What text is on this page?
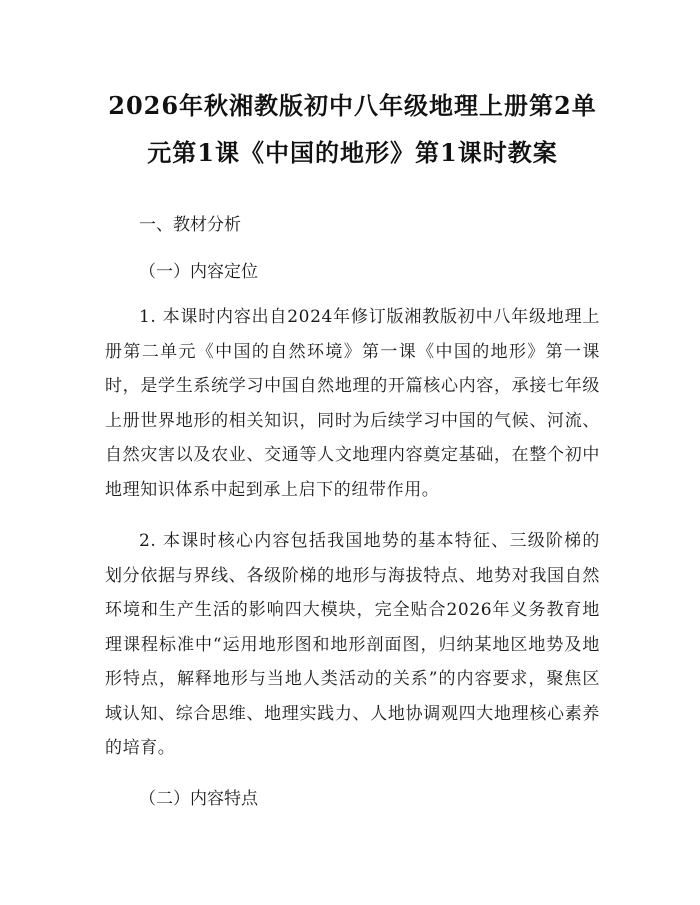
2026年秋湘教版初中八年级地理上册第2单元第1课《中国的地形》第1课时教案

一、教材分析

（一）内容定位

1. 本课时内容出自2024年修订版湘教版初中八年级地理上册第二单元《中国的自然环境》第一课《中国的地形》第一课时，是学生系统学习中国自然地理的开篇核心内容，承接七年级上册世界地形的相关知识，同时为后续学习中国的气候、河流、自然灾害以及农业、交通等人文地理内容奠定基础，在整个初中地理知识体系中起到承上启下的纽带作用。

2. 本课时核心内容包括我国地势的基本特征、三级阶梯的划分依据与界线、各级阶梯的地形与海拔特点、地势对我国自然环境和生产生活的影响四大模块，完全贴合2026年义务教育地理课程标准中“运用地形图和地形剖面图，归纳某地区地势及地形特点，解释地形与当地人类活动的关系”的内容要求，聚焦区域认知、综合思维、地理实践力、人地协调观四大地理核心素养的培育。

（二）内容特点
